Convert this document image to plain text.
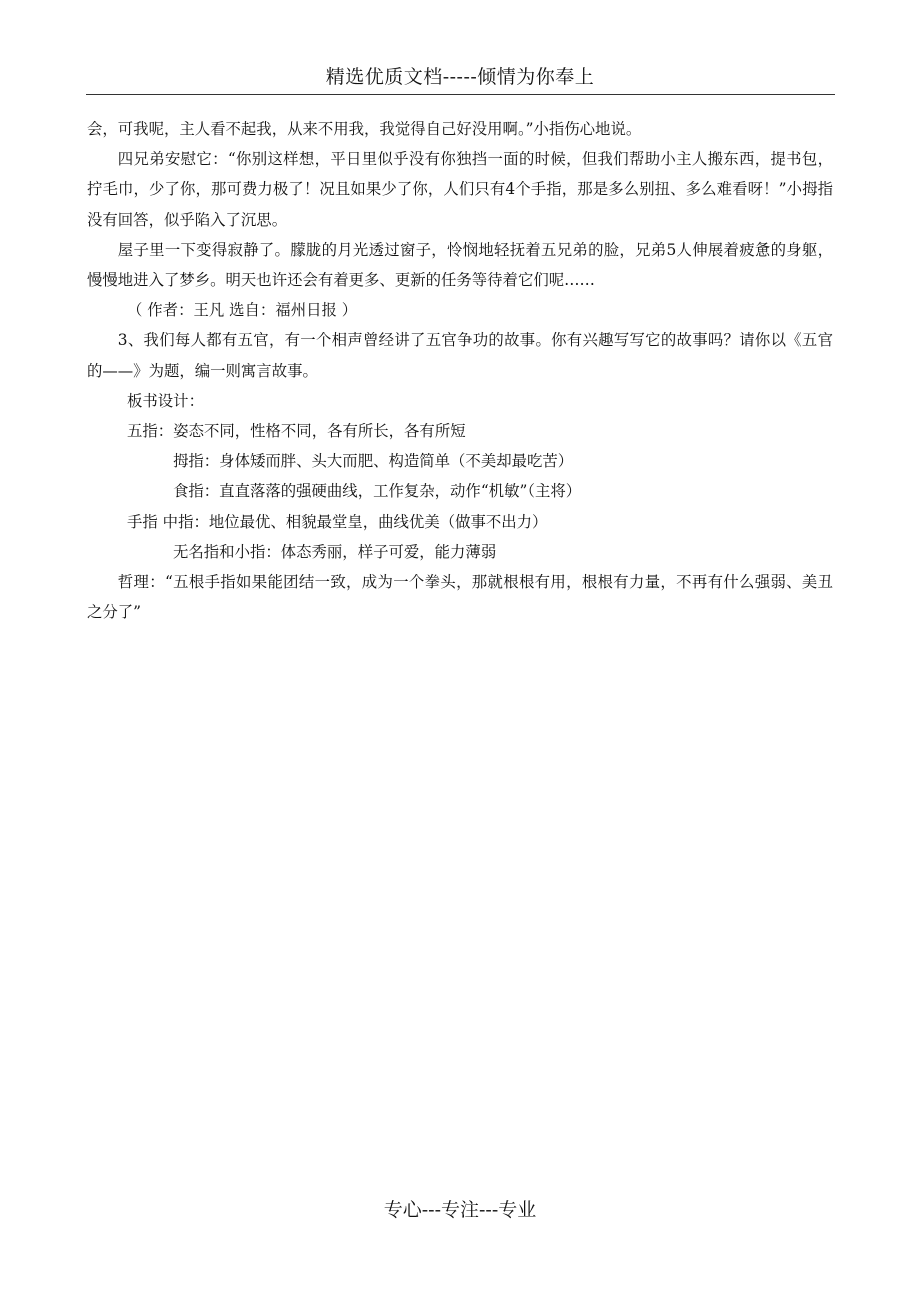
精选优质文档-----倾情为你奉上

会，可我呢，主人看不起我，从来不用我，我觉得自己好没用啊。”小指伤心地说。

四兄弟安慰它：“你别这样想，平日里似乎没有你独挡一面的时候，但我们帮助小主人搬东西，提书包，拧毛巾，少了你，那可费力极了！况且如果少了你，人们只有4个手指，那是多么别扭、多么难看呀！”小拇指没有回答，似乎陷入了沉思。

屋子里一下变得寂静了。朦胧的月光透过窗子，怜悯地轻抚着五兄弟的脸，兄弟5人伸展着疲惫的身躯，慢慢地进入了梦乡。明天也许还会有着更多、更新的任务等待着它们呢……

（ 作者：王凡 选自：福州日报 ）

3、我们每人都有五官，有一个相声曾经讲了五官争功的故事。你有兴趣写写它的故事吗？请你以《五官的——》为题，编一则寓言故事。

板书设计：

五指：姿态不同，性格不同，各有所长，各有所短

拇指：身体矮而胖、头大而肥、构造简单（不美却最吃苦）

食指：直直落落的强硬曲线，工作复杂，动作“机敏”（主将）

手指 中指：地位最优、相貌最堂皇，曲线优美（做事不出力）

无名指和小指：体态秀丽，样子可爱，能力薄弱

哲理：“五根手指如果能团结一致，成为一个拳头，那就根根有用，根根有力量，不再有什么强弱、美丑之分了”

专心---专注---专业
